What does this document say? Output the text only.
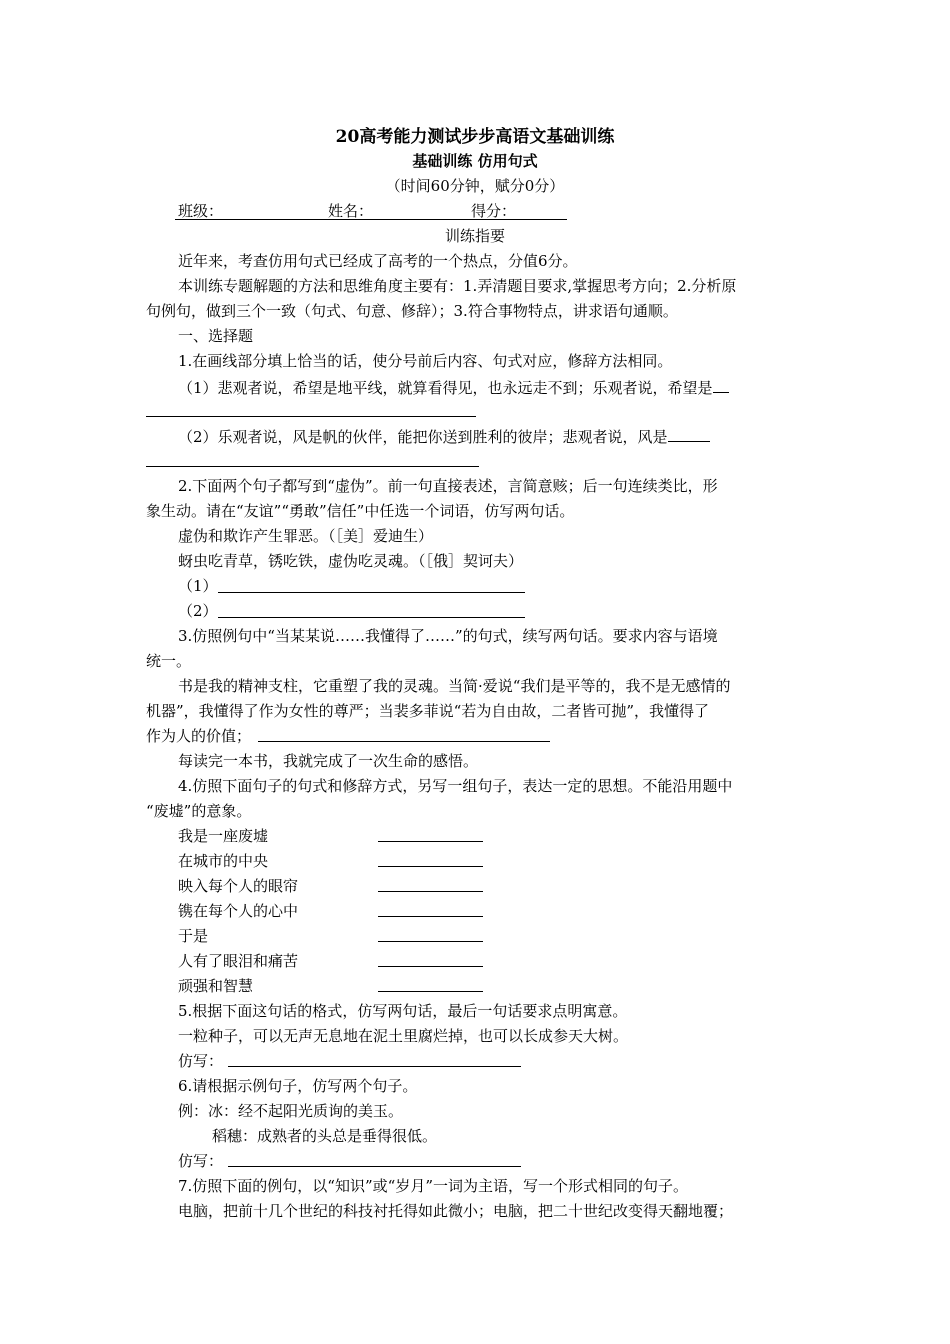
20高考能力测试步步高语文基础训练
基础训练 仿用句式
（时间60分钟，赋分0分）
班级：	姓名：	得分：
训练指要
近年来，考查仿用句式已经成了高考的一个热点，分值6分。
本训练专题解题的方法和思维角度主要有：1.弄清题目要求,掌握思考方向；2.分析原
句例句，做到三个一致（句式、句意、修辞）；3.符合事物特点，讲求语句通顺。
一、选择题
1.在画线部分填上恰当的话，使分号前后内容、句式对应，修辞方法相同。
（1）悲观者说，希望是地平线，就算看得见，也永远走不到；乐观者说，希望是
（2）乐观者说，风是帆的伙伴，能把你送到胜利的彼岸；悲观者说，风是
2.下面两个句子都写到“虚伪”。前一句直接表述，言简意赅；后一句连续类比，形
象生动。请在“友谊”“勇敢”信任”中任选一个词语，仿写两句话。
虚伪和欺诈产生罪恶。（［美］爱迪生）
蚜虫吃青草，锈吃铁，虚伪吃灵魂。（［俄］契诃夫）
（1）
（2）
3.仿照例句中“当某某说……我懂得了……”的句式，续写两句话。要求内容与语境
统一。
书是我的精神支柱，它重塑了我的灵魂。当简·爱说“我们是平等的，我不是无感情的
机器”，我懂得了作为女性的尊严；当裴多菲说“若为自由故，二者皆可抛”，我懂得了
作为人的价值；
每读完一本书，我就完成了一次生命的感悟。
4.仿照下面句子的句式和修辞方式，另写一组句子，表达一定的思想。不能沿用题中
“废墟”的意象。
我是一座废墟
在城市的中央
映入每个人的眼帘
镌在每个人的心中
于是
人有了眼泪和痛苦
顽强和智慧
5.根据下面这句话的格式，仿写两句话，最后一句话要求点明寓意。
一粒种子，可以无声无息地在泥土里腐烂掉，也可以长成参天大树。
仿写：
6.请根据示例句子，仿写两个句子。
例：冰：经不起阳光质询的美玉。
稻穗：成熟者的头总是垂得很低。
仿写：
7.仿照下面的例句，以“知识”或“岁月”一词为主语，写一个形式相同的句子。
电脑，把前十几个世纪的科技衬托得如此微小；电脑，把二十世纪改变得天翻地覆；
